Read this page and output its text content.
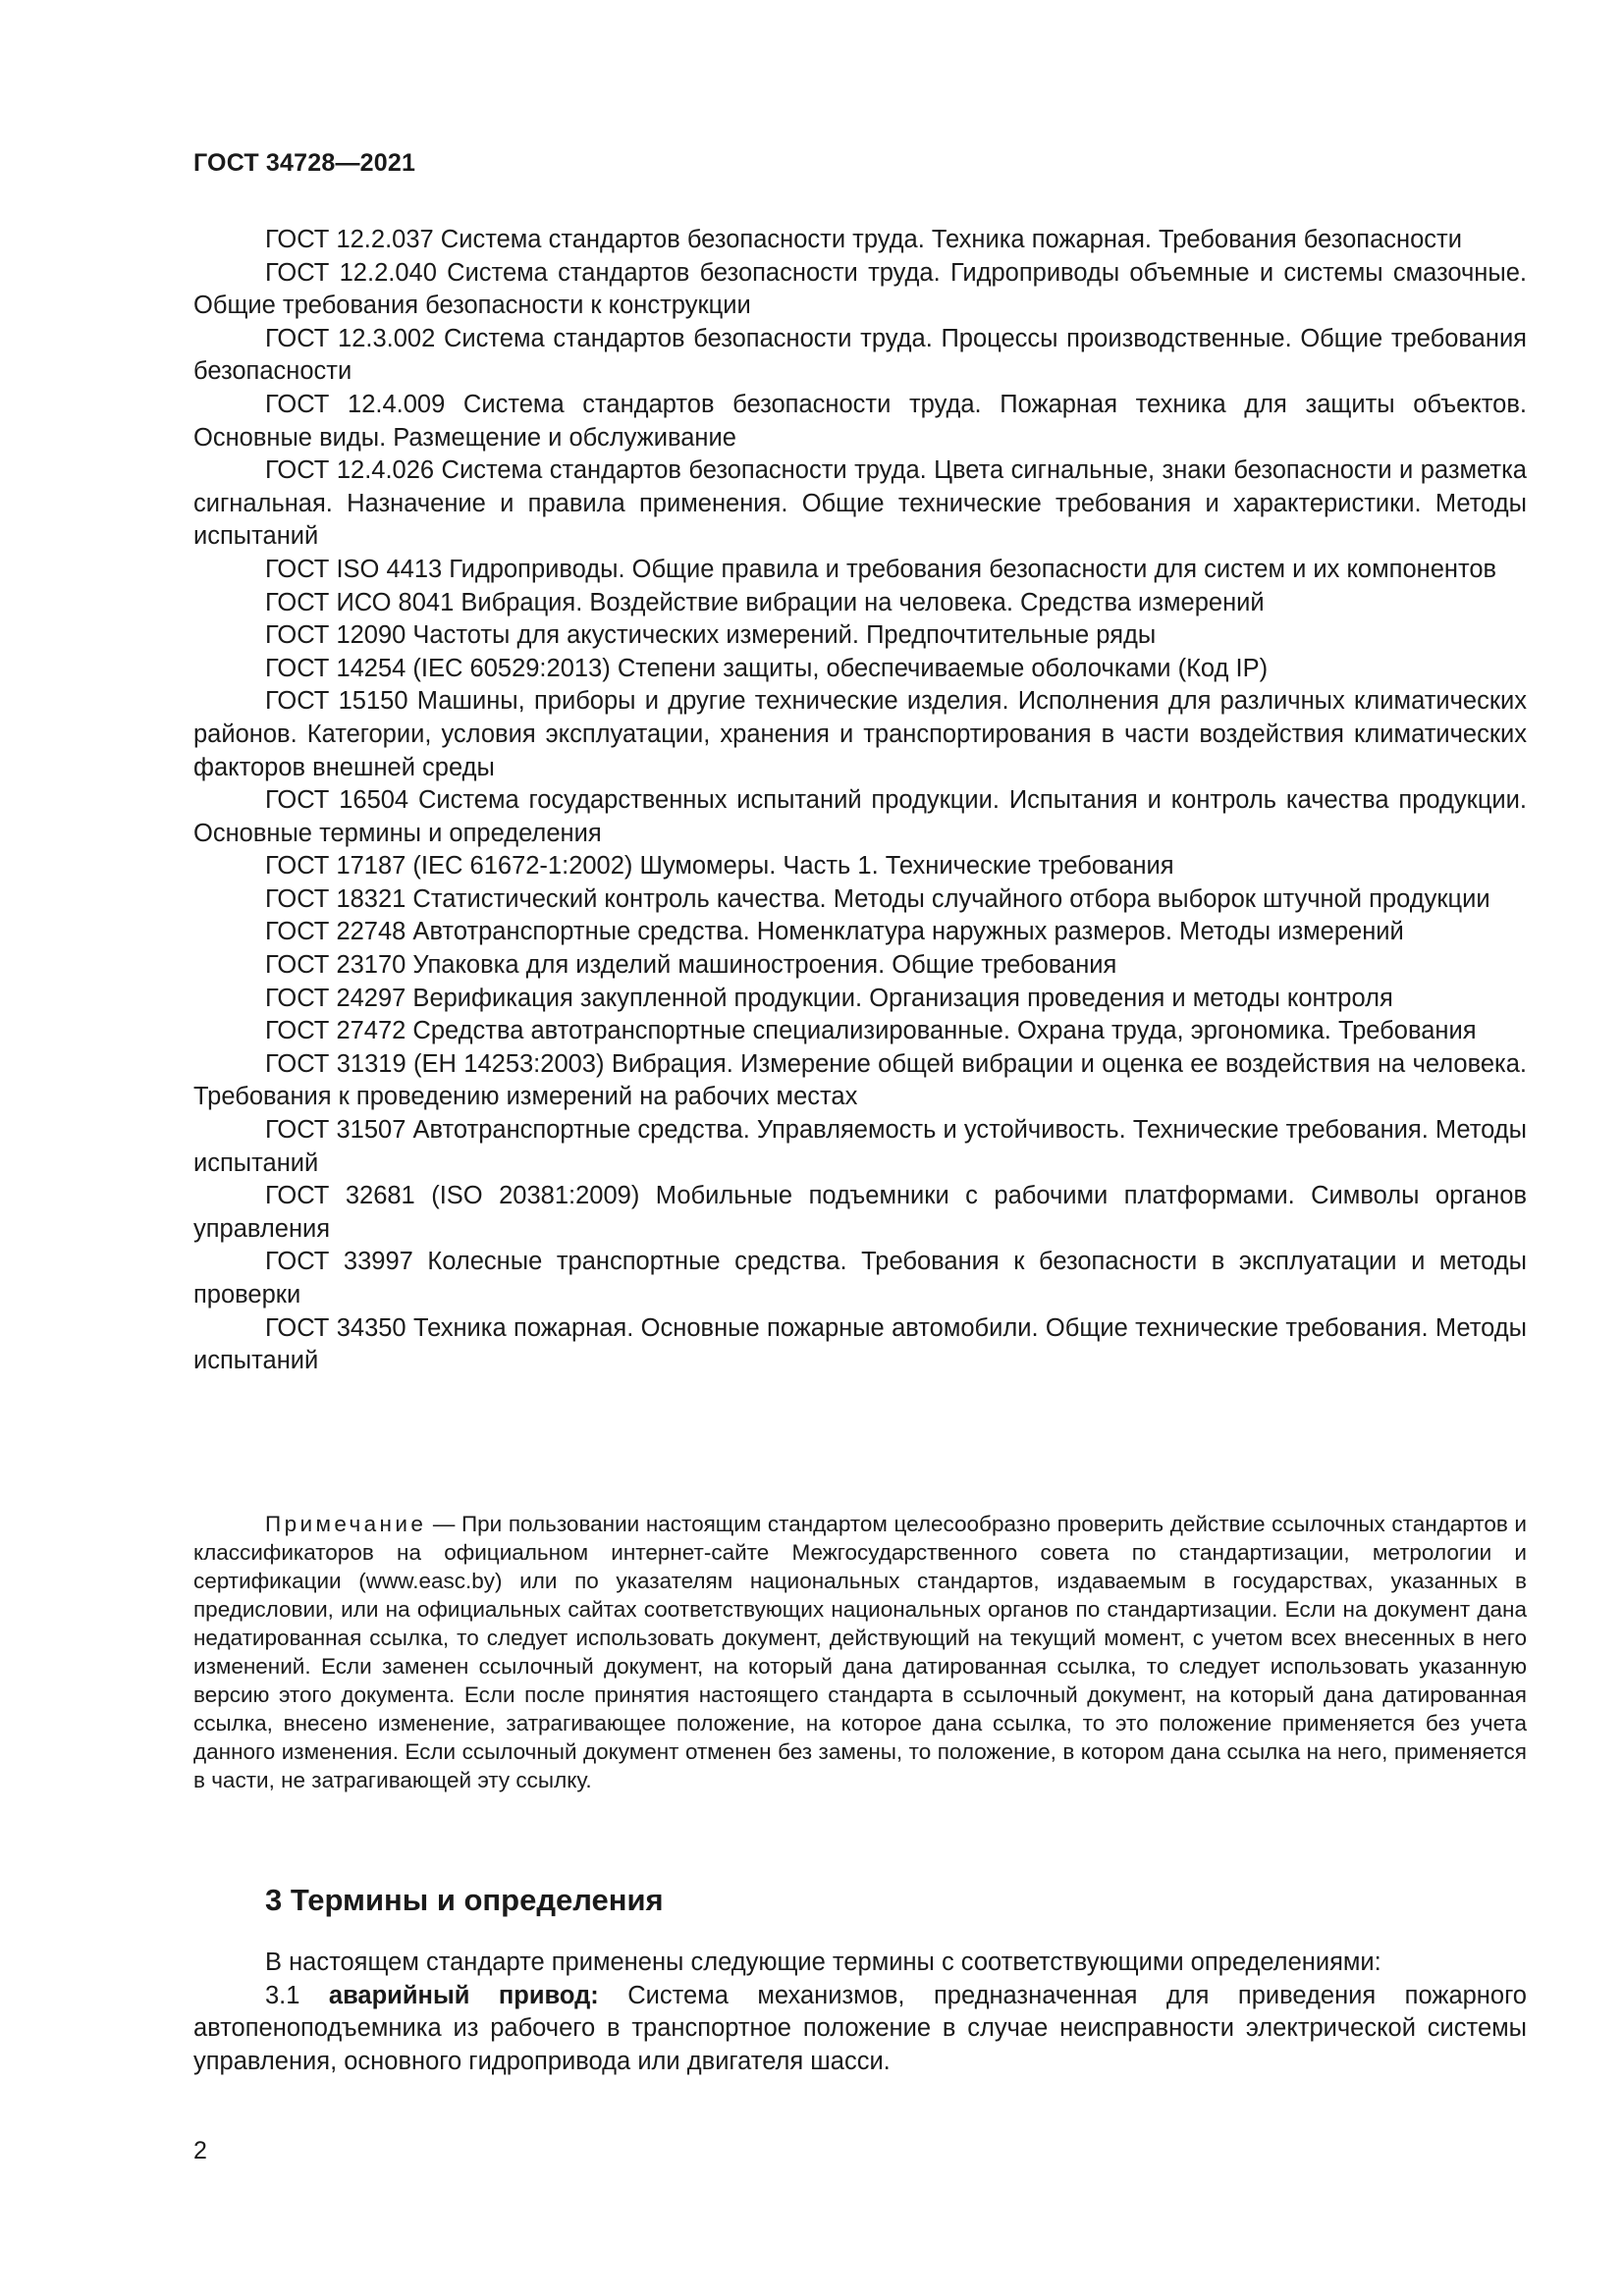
ГОСТ 34728—2021

ГОСТ 12.2.037 Система стандартов безопасности труда. Техника пожарная. Требования безопасности

ГОСТ 12.2.040 Система стандартов безопасности труда. Гидроприводы объемные и системы смазочные. Общие требования безопасности к конструкции

ГОСТ 12.3.002 Система стандартов безопасности труда. Процессы производственные. Общие требования безопасности

ГОСТ 12.4.009 Система стандартов безопасности труда. Пожарная техника для защиты объектов. Основные виды. Размещение и обслуживание

ГОСТ 12.4.026 Система стандартов безопасности труда. Цвета сигнальные, знаки безопасности и разметка сигнальная. Назначение и правила применения. Общие технические требования и характеристики. Методы испытаний

ГОСТ ISO 4413 Гидроприводы. Общие правила и требования безопасности для систем и их компонентов

ГОСТ ИСО 8041 Вибрация. Воздействие вибрации на человека. Средства измерений

ГОСТ 12090 Частоты для акустических измерений. Предпочтительные ряды

ГОСТ 14254 (IEC 60529:2013) Степени защиты, обеспечиваемые оболочками (Код IP)

ГОСТ 15150 Машины, приборы и другие технические изделия. Исполнения для различных климатических районов. Категории, условия эксплуатации, хранения и транспортирования в части воздействия климатических факторов внешней среды

ГОСТ 16504 Система государственных испытаний продукции. Испытания и контроль качества продукции. Основные термины и определения

ГОСТ 17187 (IEC 61672-1:2002) Шумомеры. Часть 1. Технические требования

ГОСТ 18321 Статистический контроль качества. Методы случайного отбора выборок штучной продукции

ГОСТ 22748 Автотранспортные средства. Номенклатура наружных размеров. Методы измерений

ГОСТ 23170 Упаковка для изделий машиностроения. Общие требования

ГОСТ 24297 Верификация закупленной продукции. Организация проведения и методы контроля

ГОСТ 27472 Средства автотранспортные специализированные. Охрана труда, эргономика. Требования

ГОСТ 31319 (ЕН 14253:2003) Вибрация. Измерение общей вибрации и оценка ее воздействия на человека. Требования к проведению измерений на рабочих местах

ГОСТ 31507 Автотранспортные средства. Управляемость и устойчивость. Технические требования. Методы испытаний

ГОСТ 32681 (ISO 20381:2009) Мобильные подъемники с рабочими платформами. Символы органов управления

ГОСТ 33997 Колесные транспортные средства. Требования к безопасности в эксплуатации и методы проверки

ГОСТ 34350 Техника пожарная. Основные пожарные автомобили. Общие технические требования. Методы испытаний

Примечание — При пользовании настоящим стандартом целесообразно проверить действие ссылочных стандартов и классификаторов на официальном интернет-сайте Межгосударственного совета по стандартизации, метрологии и сертификации (www.easc.by) или по указателям национальных стандартов, издаваемым в государствах, указанных в предисловии, или на официальных сайтах соответствующих национальных органов по стандартизации. Если на документ дана недатированная ссылка, то следует использовать документ, действующий на текущий момент, с учетом всех внесенных в него изменений. Если заменен ссылочный документ, на который дана датированная ссылка, то следует использовать указанную версию этого документа. Если после принятия настоящего стандарта в ссылочный документ, на который дана датированная ссылка, внесено изменение, затрагивающее положение, на которое дана ссылка, то это положение применяется без учета данного изменения. Если ссылочный документ отменен без замены, то положение, в котором дана ссылка на него, применяется в части, не затрагивающей эту ссылку.

3 Термины и определения

В настоящем стандарте применены следующие термины с соответствующими определениями:

3.1 аварийный привод: Система механизмов, предназначенная для приведения пожарного автопеноподъемника из рабочего в транспортное положение в случае неисправности электрической системы управления, основного гидропривода или двигателя шасси.

2
